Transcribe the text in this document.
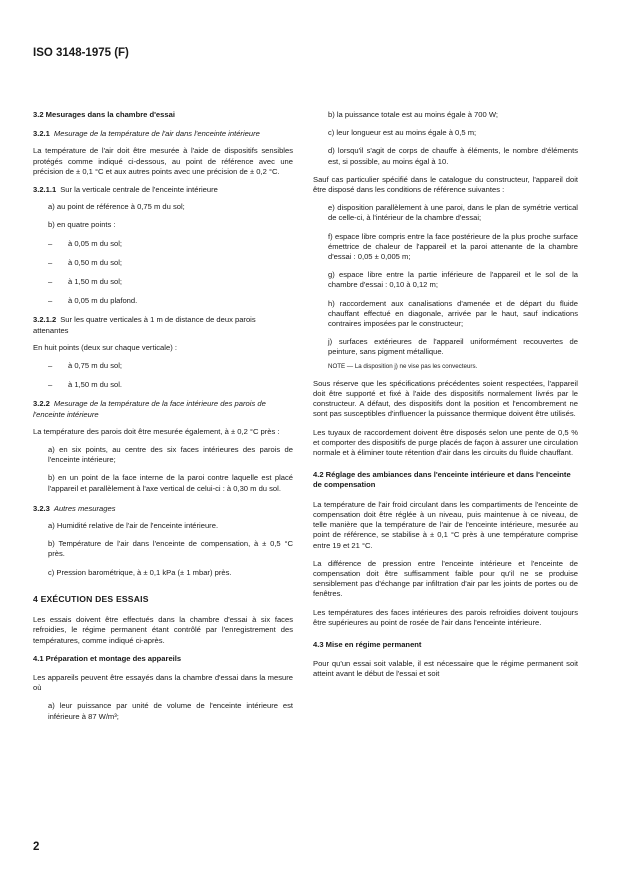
ISO 3148-1975 (F)
3.2 Mesurages dans la chambre d'essai
3.2.1 Mesurage de la température de l'air dans l'enceinte intérieure
La température de l'air doit être mesurée à l'aide de dispositifs sensibles protégés comme indiqué ci-dessous, au point de référence avec une précision de ± 0,1 °C et aux autres points avec une précision de ± 0,2 °C.
3.2.1.1 Sur la verticale centrale de l'enceinte intérieure
a) au point de référence à 0,75 m du sol;
b) en quatre points :
– à 0,05 m du sol;
– à 0,50 m du sol;
– à 1,50 m du sol;
– à 0,05 m du plafond.
3.2.1.2 Sur les quatre verticales à 1 m de distance de deux parois attenantes
En huit points (deux sur chaque verticale) :
– à 0,75 m du sol;
– à 1,50 m du sol.
3.2.2 Mesurage de la température de la face intérieure des parois de l'enceinte intérieure
La température des parois doit être mesurée également, à ± 0,2 °C près :
a) en six points, au centre des six faces intérieures des parois de l'enceinte intérieure;
b) en un point de la face interne de la paroi contre laquelle est placé l'appareil et parallèlement à l'axe vertical de celui-ci : à 0,30 m du sol.
3.2.3 Autres mesurages
a) Humidité relative de l'air de l'enceinte intérieure.
b) Température de l'air dans l'enceinte de compensation, à ± 0,5 °C près.
c) Pression barométrique, à ± 0,1 kPa (± 1 mbar) près.
4 EXÉCUTION DES ESSAIS
Les essais doivent être effectués dans la chambre d'essai à six faces refroidies, le régime permanent étant contrôlé par l'enregistrement des températures, comme indiqué ci-après.
4.1 Préparation et montage des appareils
Les appareils peuvent être essayés dans la chambre d'essai dans la mesure où
a) leur puissance par unité de volume de l'enceinte intérieure est inférieure à 87 W/m³;
b) la puissance totale est au moins égale à 700 W;
c) leur longueur est au moins égale à 0,5 m;
d) lorsqu'il s'agit de corps de chauffe à éléments, le nombre d'éléments est, si possible, au moins égal à 10.
Sauf cas particulier spécifié dans le catalogue du constructeur, l'appareil doit être disposé dans les conditions de référence suivantes :
e) disposition parallèlement à une paroi, dans le plan de symétrie vertical de celle-ci, à l'intérieur de la chambre d'essai;
f) espace libre compris entre la face postérieure de la plus proche surface émettrice de chaleur de l'appareil et la paroi attenante de la chambre d'essai : 0,05 ± 0,005 m;
g) espace libre entre la partie inférieure de l'appareil et le sol de la chambre d'essai : 0,10 à 0,12 m;
h) raccordement aux canalisations d'amenée et de départ du fluide chauffant effectué en diagonale, arrivée par le haut, sauf indications contraires imposées par le constructeur;
j) surfaces extérieures de l'appareil uniformément recouvertes de peinture, sans pigment métallique.
NOTE — La disposition j) ne vise pas les convecteurs.
Sous réserve que les spécifications précédentes soient respectées, l'appareil doit être supporté et fixé à l'aide des dispositifs normalement livrés par le constructeur. A défaut, des dispositifs dont la position et l'encombrement ne sont pas susceptibles d'influencer la puissance thermique doivent être utilisés.
Les tuyaux de raccordement doivent être disposés selon une pente de 0,5 % et comporter des dispositifs de purge placés de façon à assurer une circulation normale et à éliminer toute rétention d'air dans les circuits du fluide chauffant.
4.2 Réglage des ambiances dans l'enceinte intérieure et dans l'enceinte de compensation
La température de l'air froid circulant dans les compartiments de l'enceinte de compensation doit être réglée à un niveau, puis maintenue à ce niveau, de telle manière que la température de l'air de l'enceinte intérieure, mesurée au point de référence, se stabilise à ± 0,1 °C près à une température comprise entre 19 et 21 °C.
La différence de pression entre l'enceinte intérieure et l'enceinte de compensation doit être suffisamment faible pour qu'il ne se produise sensiblement pas d'échange par infiltration d'air par les joints de portes ou de fenêtres.
Les températures des faces intérieures des parois refroidies doivent toujours être supérieures au point de rosée de l'air dans l'enceinte intérieure.
4.3 Mise en régime permanent
Pour qu'un essai soit valable, il est nécessaire que le régime permanent soit atteint avant le début de l'essai et soit
2
